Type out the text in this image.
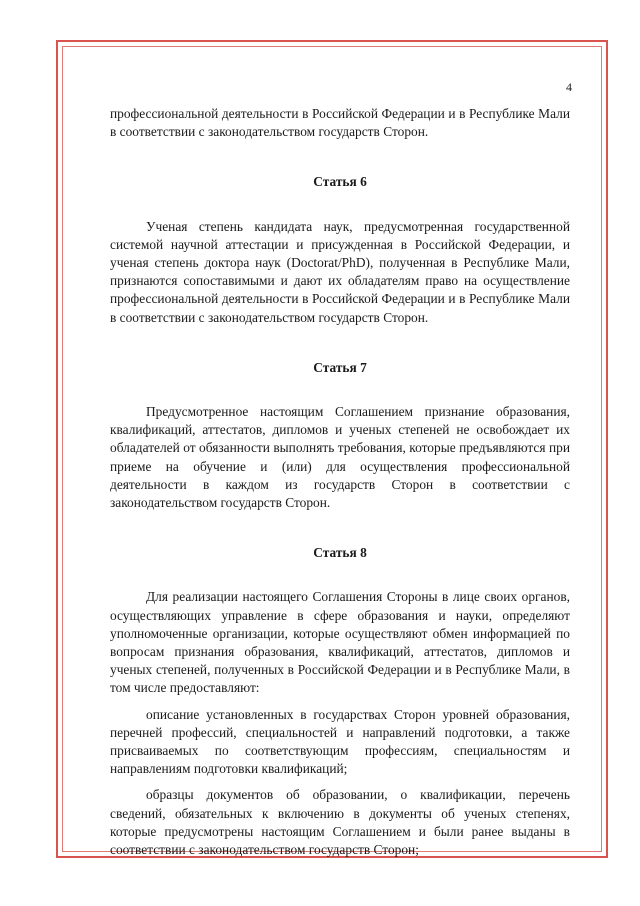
4

профессиональной деятельности в Российской Федерации и в Республике Мали в соответствии с законодательством государств Сторон.

Статья 6

Ученая степень кандидата наук, предусмотренная государственной системой научной аттестации и присужденная в Российской Федерации, и ученая степень доктора наук (Doctorat/PhD), полученная в Республике Мали, признаются сопоставимыми и дают их обладателям право на осуществление профессиональной деятельности в Российской Федерации и в Республике Мали в соответствии с законодательством государств Сторон.

Статья 7

Предусмотренное настоящим Соглашением признание образования, квалификаций, аттестатов, дипломов и ученых степеней не освобождает их обладателей от обязанности выполнять требования, которые предъявляются при приеме на обучение и (или) для осуществления профессиональной деятельности в каждом из государств Сторон в соответствии с законодательством государств Сторон.

Статья 8

Для реализации настоящего Соглашения Стороны в лице своих органов, осуществляющих управление в сфере образования и науки, определяют уполномоченные организации, которые осуществляют обмен информацией по вопросам признания образования, квалификаций, аттестатов, дипломов и ученых степеней, полученных в Российской Федерации и в Республике Мали, в том числе предоставляют:

описание установленных в государствах Сторон уровней образования, перечней профессий, специальностей и направлений подготовки, а также присваиваемых по соответствующим профессиям, специальностям и направлениям подготовки квалификаций;

образцы документов об образовании, о квалификации, перечень сведений, обязательных к включению в документы об ученых степенях, которые предусмотрены настоящим Соглашением и были ранее выданы в соответствии с законодательством государств Сторон;
